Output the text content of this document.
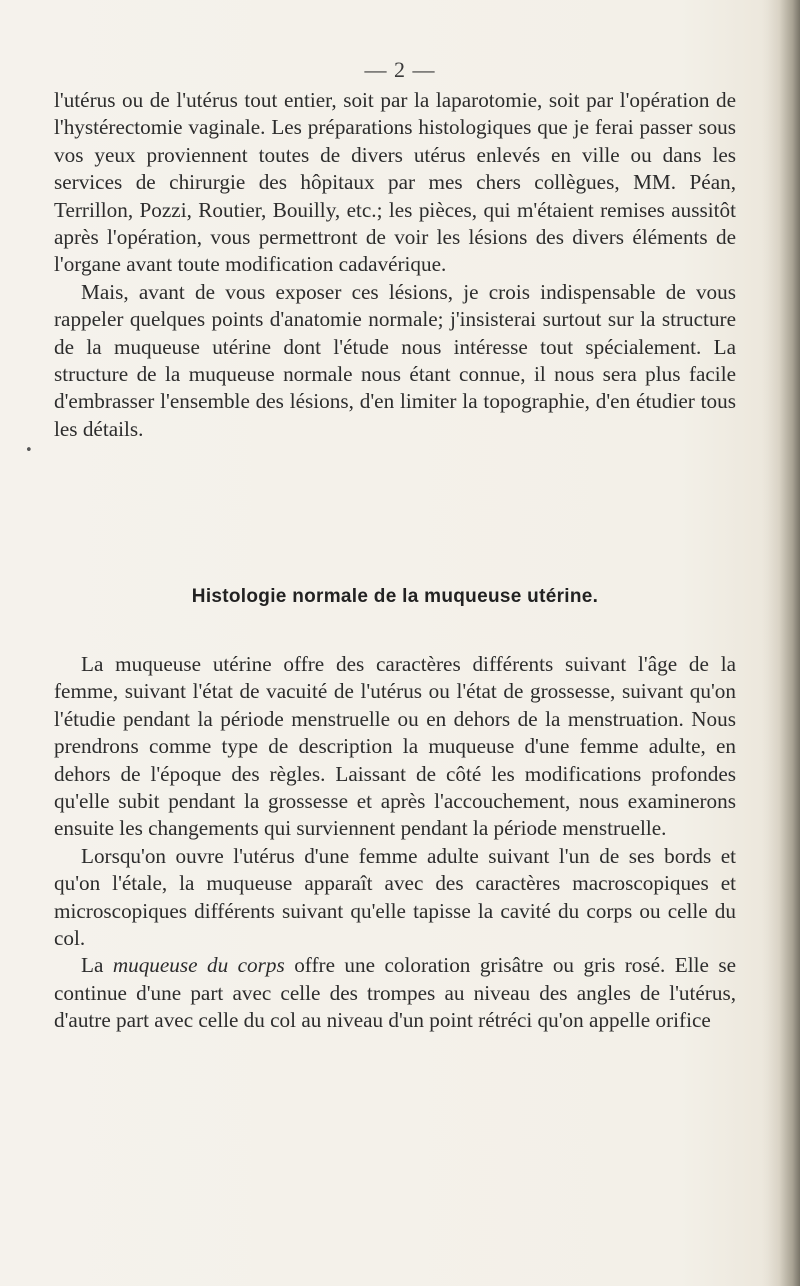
— 2 —
•

l'utérus ou de l'utérus tout entier, soit par la laparotomie, soit par l'opération de l'hystérectomie vaginale. Les préparations histologiques que je ferai passer sous vos yeux proviennent toutes de divers utérus enlevés en ville ou dans les services de chirurgie des hôpitaux par mes chers collègues, MM. Péan, Terrillon, Pozzi, Routier, Bouilly, etc.; les pièces, qui m'étaient remises aussitôt après l'opération, vous permettront de voir les lésions des divers éléments de l'organe avant toute modification cadavérique.

Mais, avant de vous exposer ces lésions, je crois indispensable de vous rappeler quelques points d'anatomie normale; j'insisterai surtout sur la structure de la muqueuse utérine dont l'étude nous intéresse tout spécialement. La structure de la muqueuse normale nous étant connue, il nous sera plus facile d'embrasser l'ensemble des lésions, d'en limiter la topographie, d'en étudier tous les détails.

Histologie normale de la muqueuse utérine.

La muqueuse utérine offre des caractères différents suivant l'âge de la femme, suivant l'état de vacuité de l'utérus ou l'état de grossesse, suivant qu'on l'étudie pendant la période menstruelle ou en dehors de la menstruation. Nous prendrons comme type de description la muqueuse d'une femme adulte, en dehors de l'époque des règles. Laissant de côté les modifications profondes qu'elle subit pendant la grossesse et après l'accouchement, nous examinerons ensuite les changements qui surviennent pendant la période menstruelle.

Lorsqu'on ouvre l'utérus d'une femme adulte suivant l'un de ses bords et qu'on l'étale, la muqueuse apparaît avec des caractères macroscopiques et microscopiques différents suivant qu'elle tapisse la cavité du corps ou celle du col.

La muqueuse du corps offre une coloration grisâtre ou gris rosé. Elle se continue d'une part avec celle des trompes au niveau des angles de l'utérus, d'autre part avec celle du col au niveau d'un point rétréci qu'on appelle orifice
